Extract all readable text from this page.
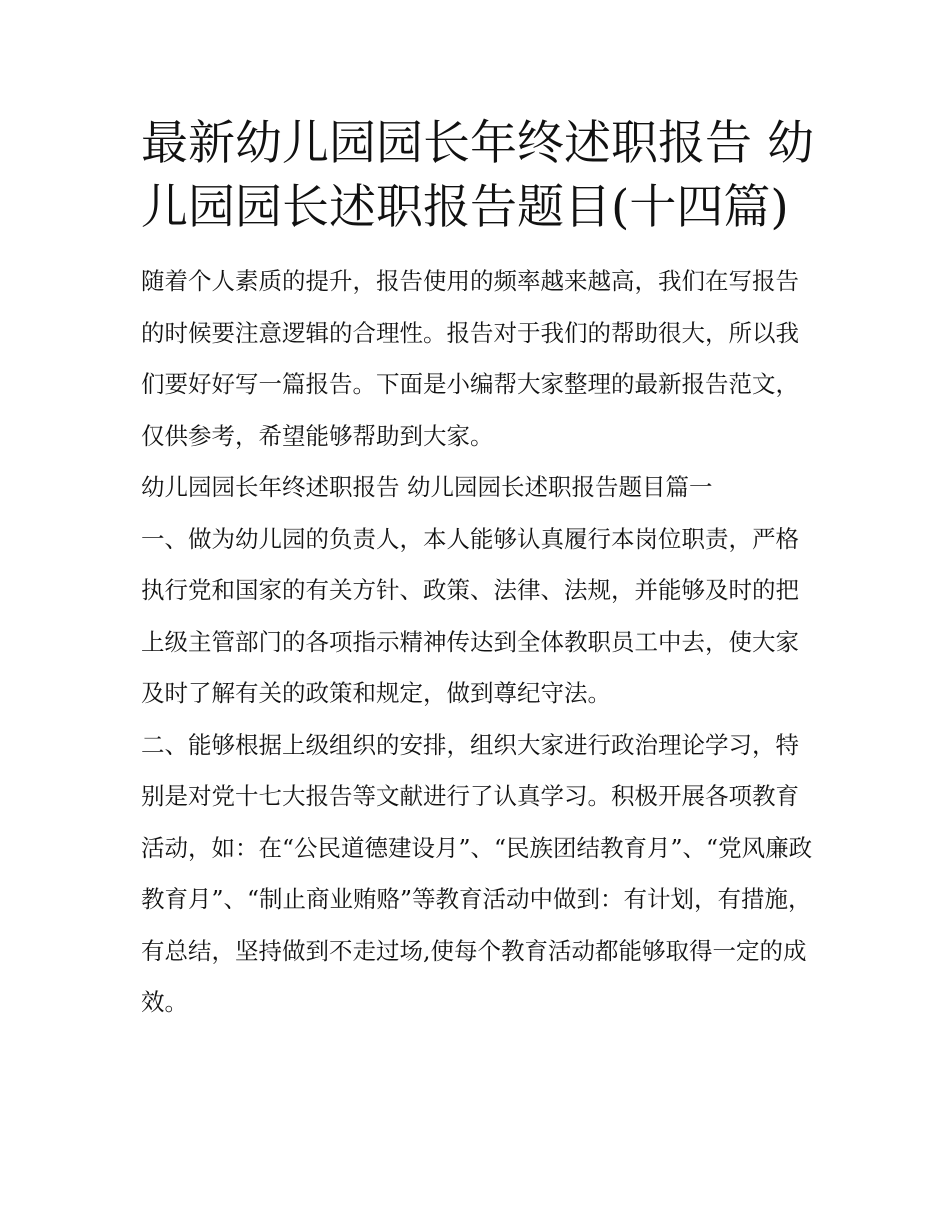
最新幼儿园园长年终述职报告 幼儿园园长述职报告题目(十四篇)

随着个人素质的提升，报告使用的频率越来越高，我们在写报告的时候要注意逻辑的合理性。报告对于我们的帮助很大，所以我们要好好写一篇报告。下面是小编帮大家整理的最新报告范文，仅供参考，希望能够帮助到大家。

幼儿园园长年终述职报告 幼儿园园长述职报告题目篇一

一、做为幼儿园的负责人，本人能够认真履行本岗位职责，严格执行党和国家的有关方针、政策、法律、法规，并能够及时的把上级主管部门的各项指示精神传达到全体教职员工中去，使大家及时了解有关的政策和规定，做到尊纪守法。

二、能够根据上级组织的安排，组织大家进行政治理论学习，特别是对党十七大报告等文献进行了认真学习。积极开展各项教育活动，如：在“公民道德建设月”、“民族团结教育月”、“党风廉政教育月”、“制止商业贿赂”等教育活动中做到：有计划，有措施，有总结，坚持做到不走过场,使每个教育活动都能够取得一定的成效。
